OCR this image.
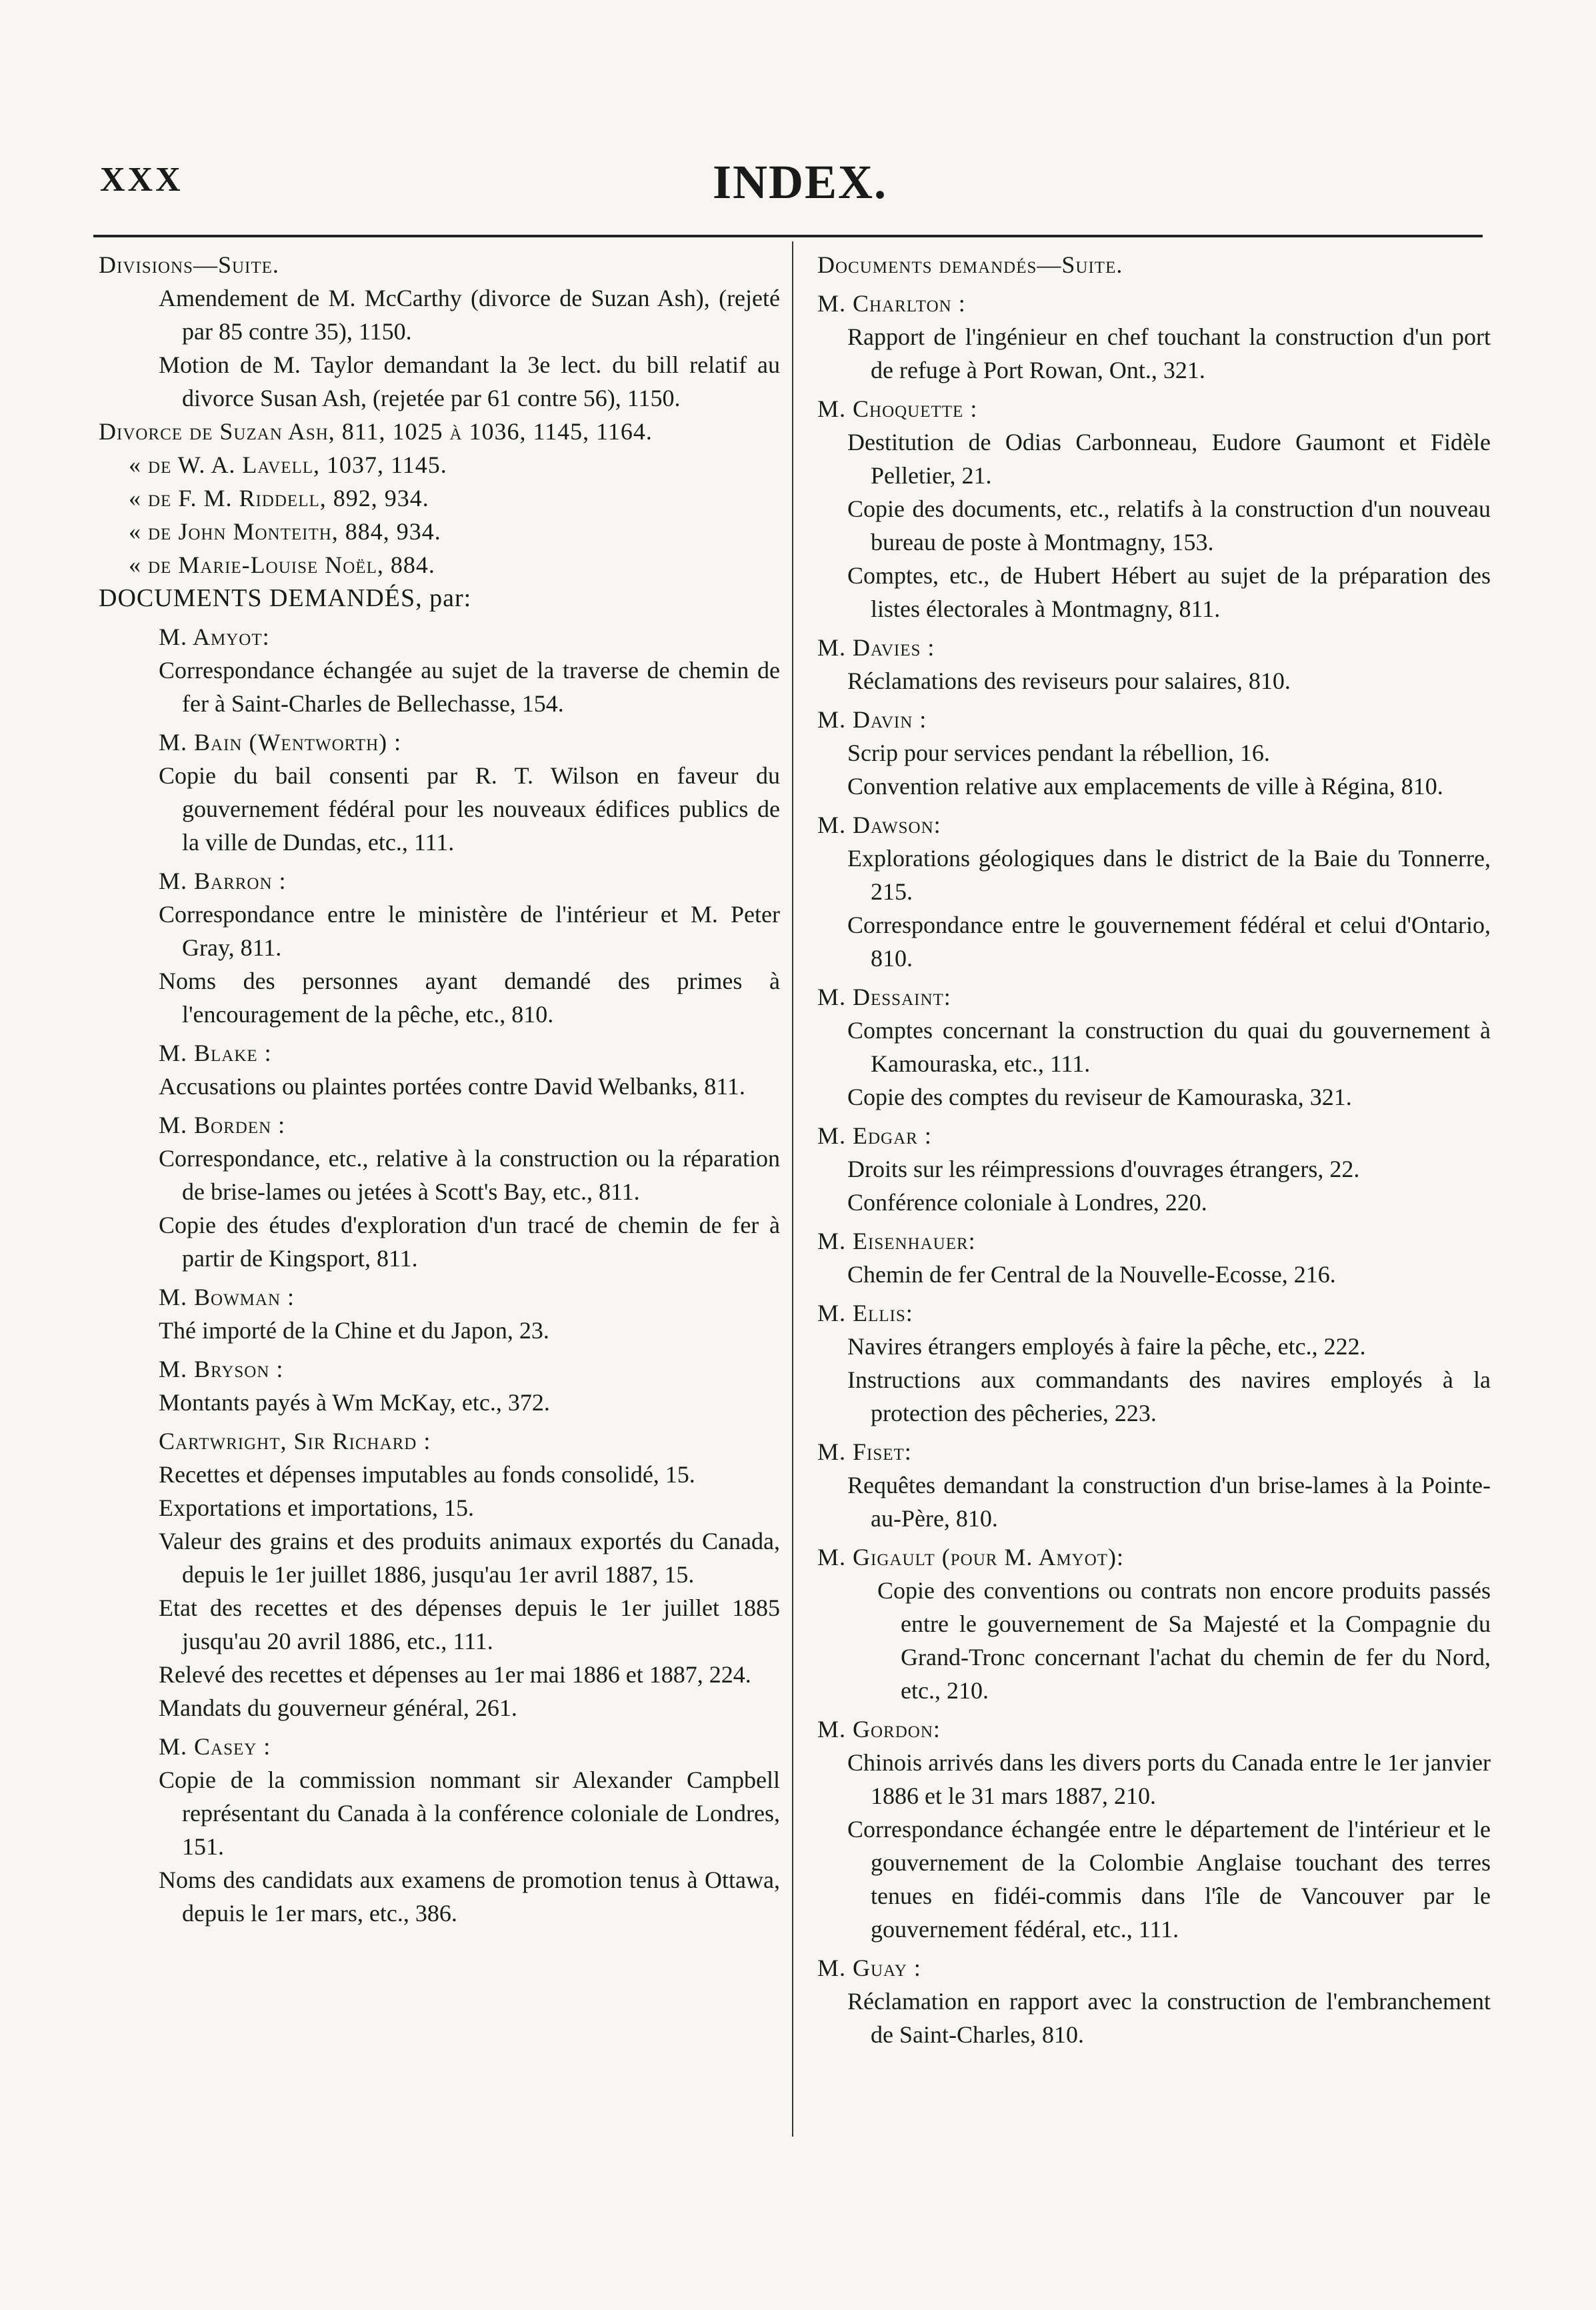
XXX	INDEX.

Divisions—Suite.

Amendement de M. McCarthy (divorce de Suzan Ash), (rejeté par 85 contre 35), 1150.

Motion de M. Taylor demandant la 3e lect. du bill relatif au divorce Susan Ash, (rejetée par 61 contre 56), 1150.

Divorce de Suzan Ash, 811, 1025 à 1036, 1145, 1164.

« de W. A. Lavell, 1037, 1145.

« de F. M. Riddell, 892, 934.

« de John Monteith, 884, 934.

« de Marie-Louise Noël, 884.

DOCUMENTS DEMANDÉS, par:

M. Amyot:

Correspondance échangée au sujet de la traverse de chemin de fer à Saint-Charles de Bellechasse, 154.

M. Bain (Wentworth) :

Copie du bail consenti par R. T. Wilson en faveur du gouvernement fédéral pour les nouveaux édifices publics de la ville de Dundas, etc., 111.

M. Barron :

Correspondance entre le ministère de l'intérieur et M. Peter Gray, 811.

Noms des personnes ayant demandé des primes à l'encouragement de la pêche, etc., 810.

M. Blake :

Accusations ou plaintes portées contre David Welbanks, 811.

M. Borden :

Correspondance, etc., relative à la construction ou la réparation de brise-lames ou jetées à Scott's Bay, etc., 811.

Copie des études d'exploration d'un tracé de chemin de fer à partir de Kingsport, 811.

M. Bowman :

Thé importé de la Chine et du Japon, 23.

M. Bryson :

Montants payés à Wm McKay, etc., 372.

Cartwright, Sir Richard :

Recettes et dépenses imputables au fonds consolidé, 15.

Exportations et importations, 15.

Valeur des grains et des produits animaux exportés du Canada, depuis le 1er juillet 1886, jusqu'au 1er avril 1887, 15.

Etat des recettes et des dépenses depuis le 1er juillet 1885 jusqu'au 20 avril 1886, etc., 111.

Relevé des recettes et dépenses au 1er mai 1886 et 1887, 224.

Mandats du gouverneur général, 261.

M. Casey :

Copie de la commission nommant sir Alexander Campbell représentant du Canada à la conférence coloniale de Londres, 151.

Noms des candidats aux examens de promotion tenus à Ottawa, depuis le 1er mars, etc., 386.

Documents demandés—Suite.

M. Charlton :

Rapport de l'ingénieur en chef touchant la construction d'un port de refuge à Port Rowan, Ont., 321.

M. Choquette :

Destitution de Odias Carbonneau, Eudore Gaumont et Fidèle Pelletier, 21.

Copie des documents, etc., relatifs à la construction d'un nouveau bureau de poste à Montmagny, 153.

Comptes, etc., de Hubert Hébert au sujet de la préparation des listes électorales à Montmagny, 811.

M. Davies :

Réclamations des reviseurs pour salaires, 810.

M. Davin :

Scrip pour services pendant la rébellion, 16.

Convention relative aux emplacements de ville à Régina, 810.

M. Dawson:

Explorations géologiques dans le district de la Baie du Tonnerre, 215.

Correspondance entre le gouvernement fédéral et celui d'Ontario, 810.

M. Dessaint:

Comptes concernant la construction du quai du gouvernement à Kamouraska, etc., 111.

Copie des comptes du reviseur de Kamouraska, 321.

M. Edgar :

Droits sur les réimpressions d'ouvrages étrangers, 22.

Conférence coloniale à Londres, 220.

M. Eisenhauer:

Chemin de fer Central de la Nouvelle-Ecosse, 216.

M. Ellis:

Navires étrangers employés à faire la pêche, etc., 222.

Instructions aux commandants des navires employés à la protection des pêcheries, 223.

M. Fiset:

Requêtes demandant la construction d'un brise-lames à la Pointe-au-Père, 810.

M. Gigault (pour M. Amyot):

Copie des conventions ou contrats non encore produits passés entre le gouvernement de Sa Majesté et la Compagnie du Grand-Tronc concernant l'achat du chemin de fer du Nord, etc., 210.

M. Gordon:

Chinois arrivés dans les divers ports du Canada entre le 1er janvier 1886 et le 31 mars 1887, 210.

Correspondance échangée entre le département de l'intérieur et le gouvernement de la Colombie Anglaise touchant des terres tenues en fidéi-commis dans l'île de Vancouver par le gouvernement fédéral, etc., 111.

M. Guay :

Réclamation en rapport avec la construction de l'embranchement de Saint-Charles, 810.
